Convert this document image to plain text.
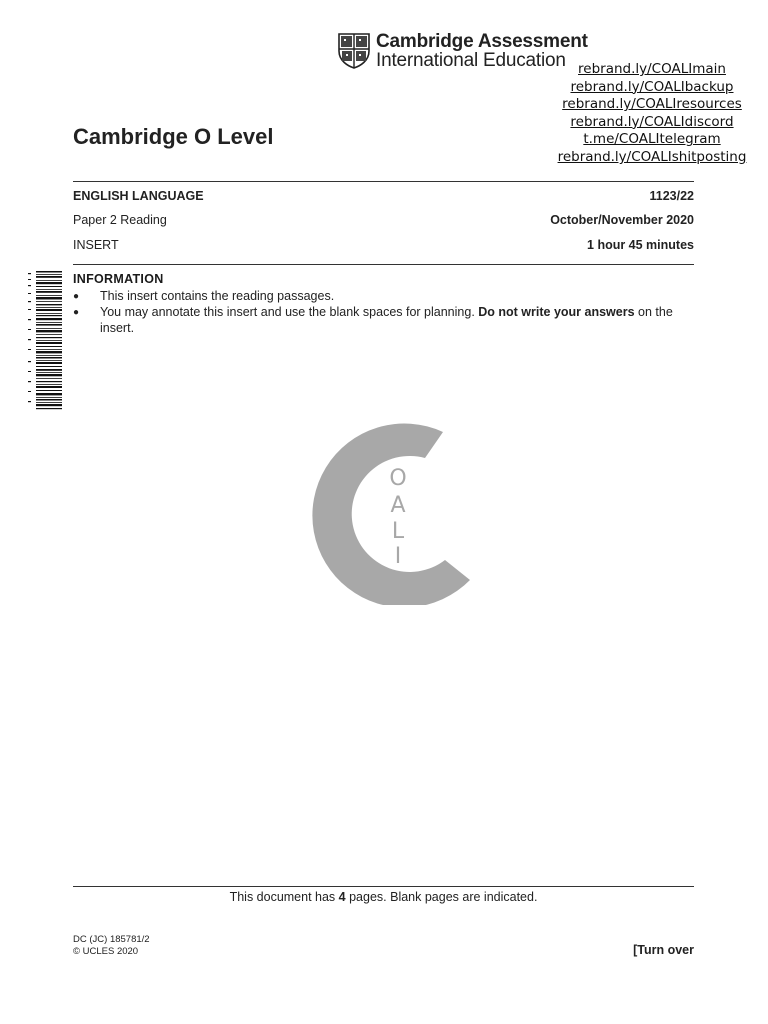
Cambridge Assessment
International Education rebrand.ly/COALImain
rebrand.ly/COALIbackup
rebrand.ly/COALIresources
rebrand.ly/COALIdiscord
t.me/COALItelegram
rebrand.ly/COALIshitposting
Cambridge O Level
ENGLISH LANGUAGE	1123/22
Paper 2 Reading	October/November 2020
INSERT	1 hour 45 minutes
INFORMATION
● This insert contains the reading passages.
● You may annotate this insert and use the blank spaces for planning. Do not write your answers on the insert.
O
A
L
I
This document has 4 pages. Blank pages are indicated.
DC (JC) 185781/2
© UCLES 2020	[Turn over
